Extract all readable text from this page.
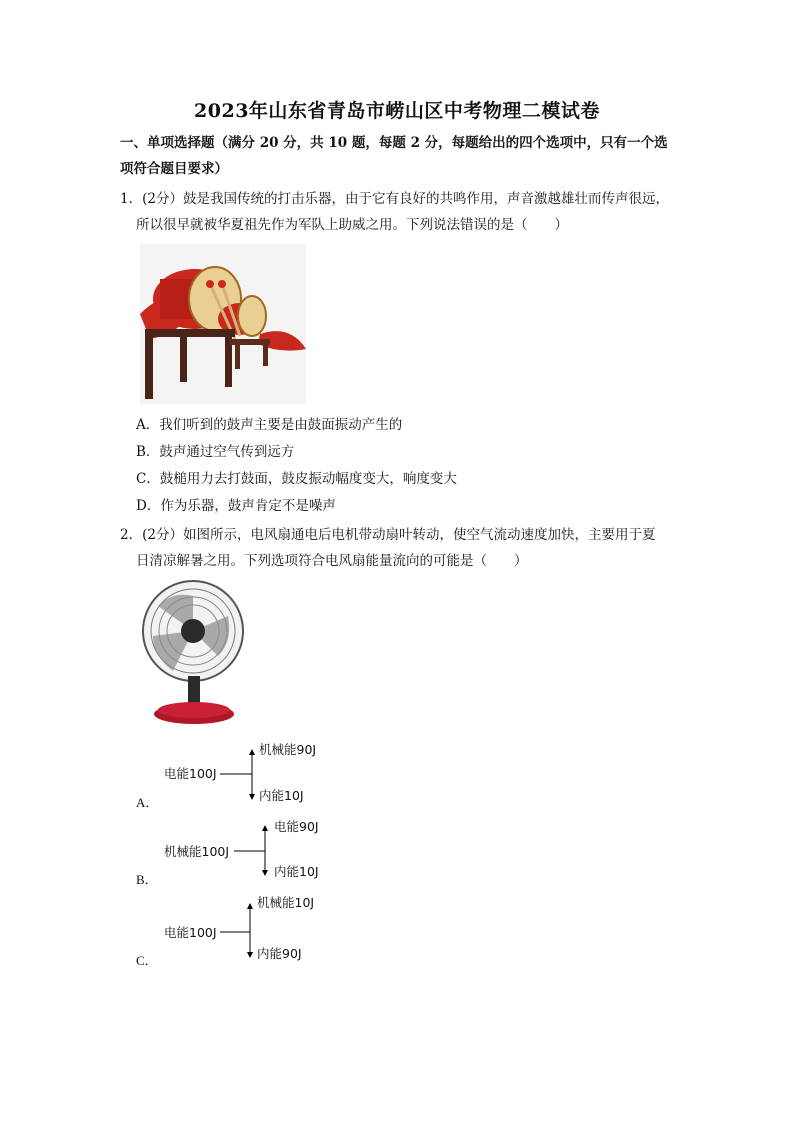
2023年山东省青岛市崂山区中考物理二模试卷
一、单项选择题（满分 20 分，共 10 题，每题 2 分，每题给出的四个选项中，只有一个选
项符合题目要求）
1．(2分）鼓是我国传统的打击乐器，由于它有良好的共鸣作用，声音激越雄壮而传声很远，
所以很早就被华夏祖先作为军队上助威之用。下列说法错误的是（　　）
A．我们听到的鼓声主要是由鼓面振动产生的
B．鼓声通过空气传到远方
C．鼓槌用力去打鼓面，鼓皮振动幅度变大，响度变大
D．作为乐器，鼓声肯定不是噪声
2．(2分）如图所示，电风扇通电后电机带动扇叶转动，使空气流动速度加快，主要用于夏
日清凉解暑之用。下列选项符合电风扇能量流向的可能是（　　）
机械能90J
电能100J
内能10J
A．
电能90J
机械能100J
内能10J
B．
机械能10J
电能100J
内能90J
C．
